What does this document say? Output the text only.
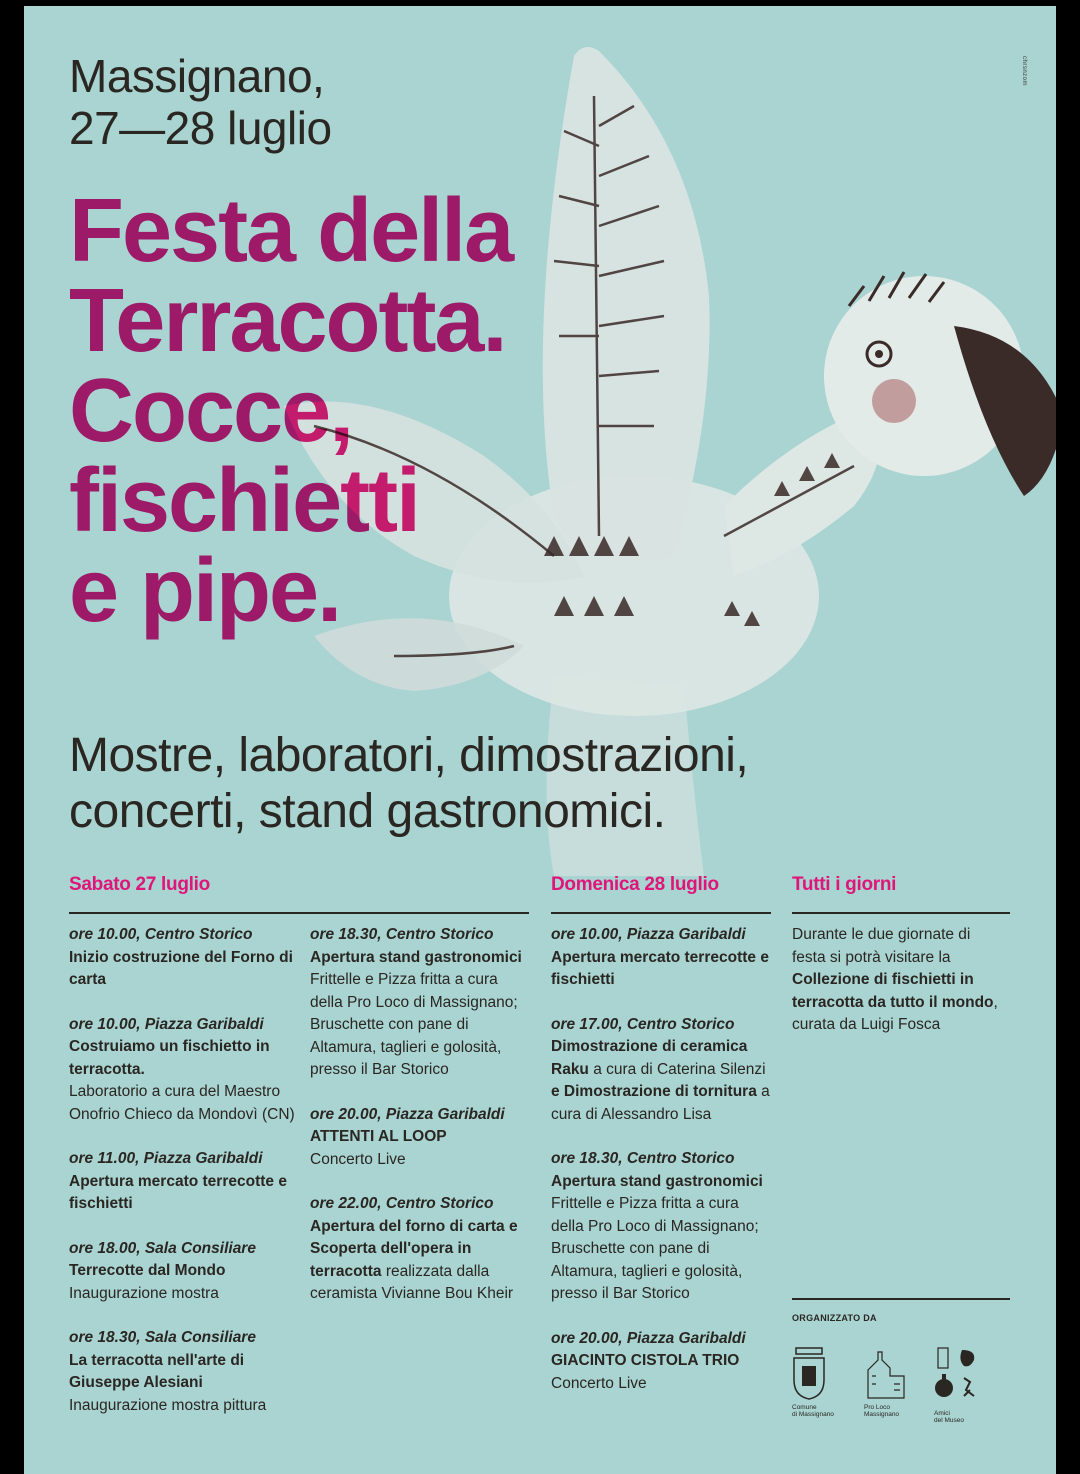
chrsnzom
Massignano,
27—28 luglio
Festa della
Terracotta.
Cocce,
fischietti
e pipe.
Mostre, laboratori, dimostrazioni,
concerti, stand gastronomici.
Sabato 27 luglio	Domenica 28 luglio	Tutti i giorni
ore 10.00, Centro Storico
Inizio costruzione del Forno di carta
ore 10.00, Piazza Garibaldi
Costruiamo un fischietto in terracotta.
Laboratorio a cura del Maestro Onofrio Chieco da Mondovì (CN)
ore 11.00, Piazza Garibaldi
Apertura mercato terrecotte e fischietti
ore 18.00, Sala Consiliare
Terrecotte dal Mondo
Inaugurazione mostra
ore 18.30, Sala Consiliare
La terracotta nell'arte di Giuseppe Alesiani
Inaugurazione mostra pittura
ore 18.30, Centro Storico
Apertura stand gastronomici
Frittelle e Pizza fritta a cura della Pro Loco di Massignano; Bruschette con pane di Altamura, taglieri e golosità, presso il Bar Storico
ore 20.00, Piazza Garibaldi
ATTENTI AL LOOP
Concerto Live
ore 22.00, Centro Storico
Apertura del forno di carta e Scoperta dell'opera in terracotta realizzata dalla ceramista Vivianne Bou Kheir
ore 10.00, Piazza Garibaldi
Apertura mercato terrecotte e fischietti
ore 17.00, Centro Storico
Dimostrazione di ceramica Raku a cura di Caterina Silenzi e Dimostrazione di tornitura a cura di Alessandro Lisa
ore 18.30, Centro Storico
Apertura stand gastronomici
Frittelle e Pizza fritta a cura della Pro Loco di Massignano; Bruschette con pane di Altamura, taglieri e golosità, presso il Bar Storico
ore 20.00, Piazza Garibaldi
GIACINTO CISTOLA TRIO
Concerto Live
Durante le due giornate di festa si potrà visitare la Collezione di fischietti in terracotta da tutto il mondo, curata da Luigi Fosca
ORGANIZZATO DA
Comune
di Massignano
Pro Loco
Massignano	Amici
del Museo
